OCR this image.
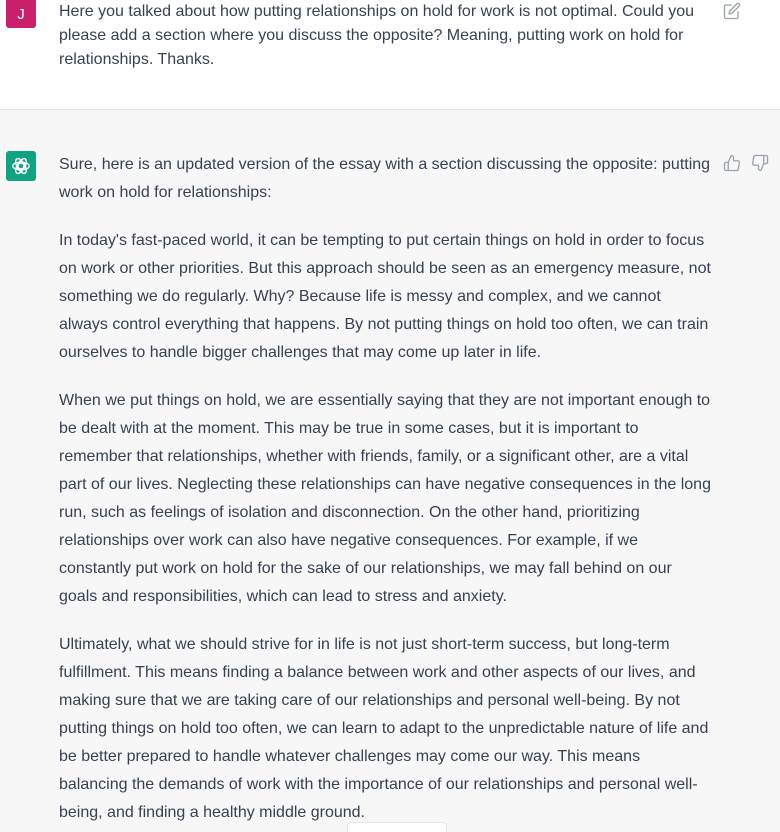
J Here you talked about how putting relationships on hold for work is not optimal. Could you please add a section where you discuss the opposite? Meaning, putting work on hold for relationships. Thanks.

Sure, here is an updated version of the essay with a section discussing the opposite: putting work on hold for relationships:

In today's fast-paced world, it can be tempting to put certain things on hold in order to focus on work or other priorities. But this approach should be seen as an emergency measure, not something we do regularly. Why? Because life is messy and complex, and we cannot always control everything that happens. By not putting things on hold too often, we can train ourselves to handle bigger challenges that may come up later in life.

When we put things on hold, we are essentially saying that they are not important enough to be dealt with at the moment. This may be true in some cases, but it is important to remember that relationships, whether with friends, family, or a significant other, are a vital part of our lives. Neglecting these relationships can have negative consequences in the long run, such as feelings of isolation and disconnection. On the other hand, prioritizing relationships over work can also have negative consequences. For example, if we constantly put work on hold for the sake of our relationships, we may fall behind on our goals and responsibilities, which can lead to stress and anxiety.

Ultimately, what we should strive for in life is not just short-term success, but long-term fulfillment. This means finding a balance between work and other aspects of our lives, and making sure that we are taking care of our relationships and personal well-being. By not putting things on hold too often, we can learn to adapt to the unpredictable nature of life and be better prepared to handle whatever challenges may come our way. This means balancing the demands of work with the importance of our relationships and personal well-being, and finding a healthy middle ground.
